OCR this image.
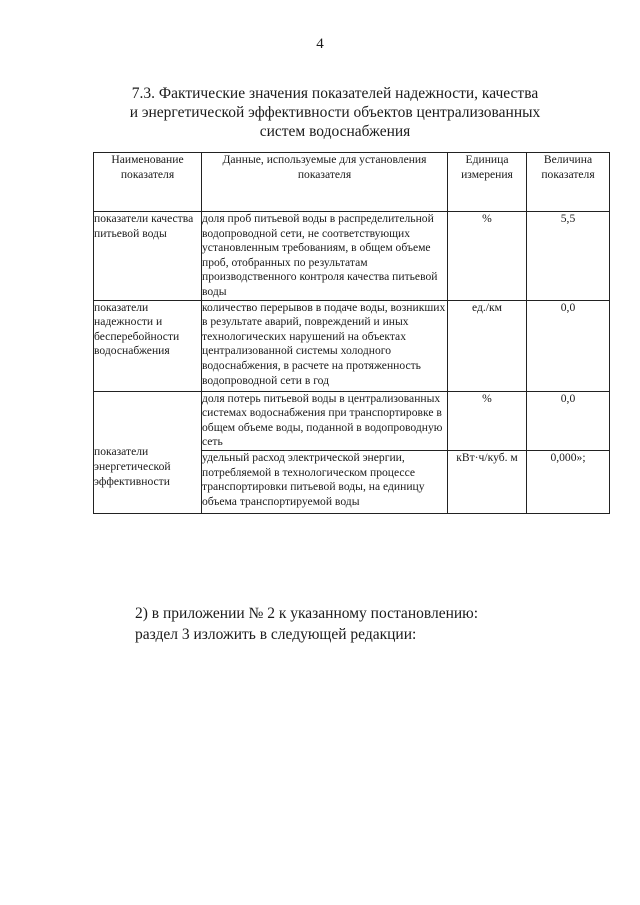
4
7.3. Фактические значения показателей надежности, качества
и энергетической эффективности объектов централизованных
систем водоснабжения
Наименование показателя	Данные, используемые для установления показателя	Единица измерения	Величина показателя
показатели качества питьевой воды	доля проб питьевой воды в распределительной водопроводной сети, не соответствующих установленным требованиям, в общем объеме проб, отобранных по результатам производственного контроля качества питьевой воды	%	5,5
показатели надежности и бесперебойности водоснабжения	количество перерывов в подаче воды, возникших в результате аварий, повреждений и иных технологических нарушений на объектах централизованной системы холодного водоснабжения, в расчете на протяженность водопроводной сети в год	ед./км	0,0
показатели энергетической эффективности	доля потерь питьевой воды в централизованных системах водоснабжения при транспортировке в общем объеме воды, поданной в водопроводную сеть	%	0,0
	удельный расход электрической энергии, потребляемой в технологическом процессе транспортировки питьевой воды, на единицу объема транспортируемой воды	кВт·ч/куб. м	0,000»;
2) в приложении № 2 к указанному постановлению:
раздел 3 изложить в следующей редакции:
